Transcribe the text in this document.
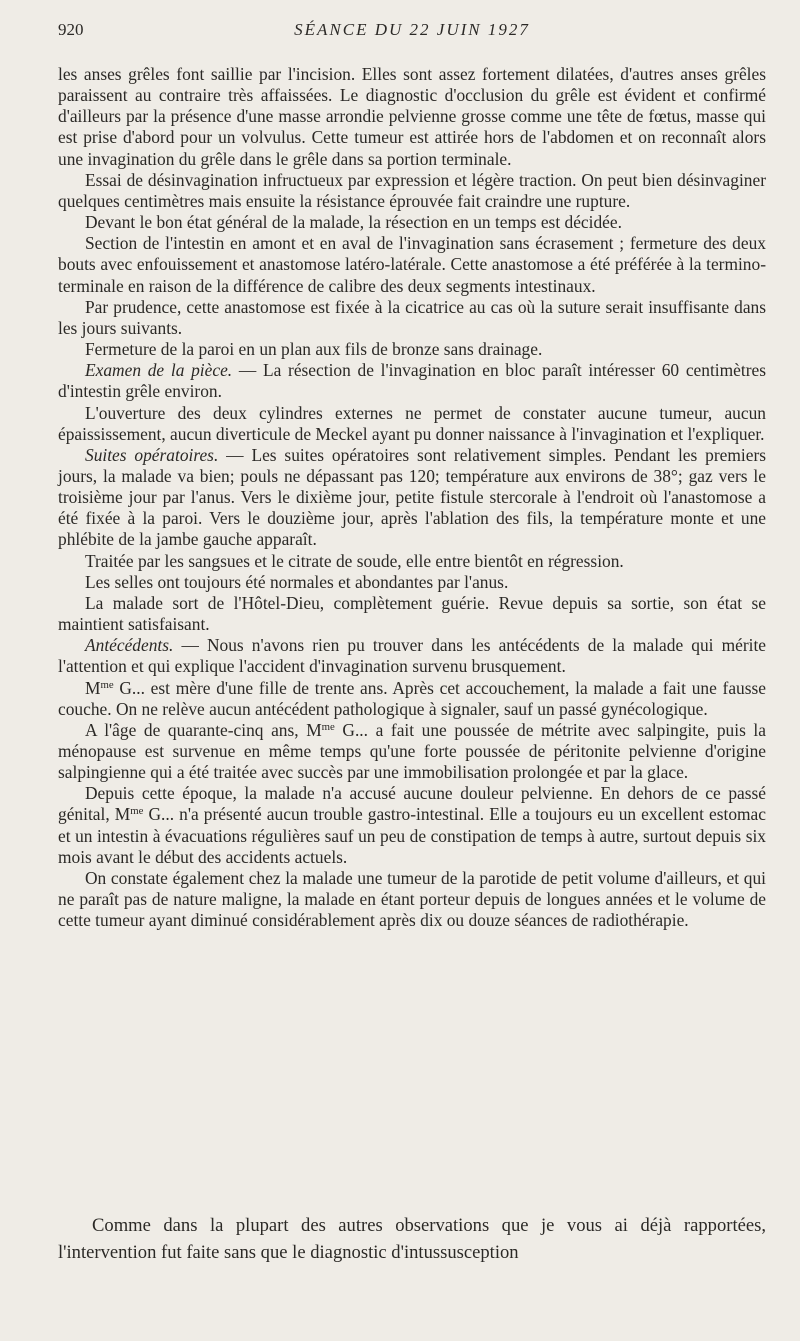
920	SÉANCE DU 22 JUIN 1927

les anses grêles font saillie par l'incision. Elles sont assez fortement dilatées, d'autres anses grêles paraissent au contraire très affaissées. Le diagnostic d'occlusion du grêle est évident et confirmé d'ailleurs par la présence d'une masse arrondie pelvienne grosse comme une tête de fœtus, masse qui est prise d'abord pour un volvulus. Cette tumeur est attirée hors de l'abdomen et on reconnaît alors une invagination du grêle dans le grêle dans sa portion terminale.

Essai de désinvagination infructueux par expression et légère traction. On peut bien désinvaginer quelques centimètres mais ensuite la résistance éprouvée fait craindre une rupture.

Devant le bon état général de la malade, la résection en un temps est décidée.

Section de l'intestin en amont et en aval de l'invagination sans écrasement ; fermeture des deux bouts avec enfouissement et anastomose latéro-latérale. Cette anastomose a été préférée à la termino-terminale en raison de la différence de calibre des deux segments intestinaux.

Par prudence, cette anastomose est fixée à la cicatrice au cas où la suture serait insuffisante dans les jours suivants.

Fermeture de la paroi en un plan aux fils de bronze sans drainage.

Examen de la pièce. — La résection de l'invagination en bloc paraît intéresser 60 centimètres d'intestin grêle environ.

L'ouverture des deux cylindres externes ne permet de constater aucune tumeur, aucun épaississement, aucun diverticule de Meckel ayant pu donner naissance à l'invagination et l'expliquer.

Suites opératoires. — Les suites opératoires sont relativement simples. Pendant les premiers jours, la malade va bien; pouls ne dépassant pas 120; température aux environs de 38°; gaz vers le troisième jour par l'anus. Vers le dixième jour, petite fistule stercorale à l'endroit où l'anastomose a été fixée à la paroi. Vers le douzième jour, après l'ablation des fils, la température monte et une phlébite de la jambe gauche apparaît.

Traitée par les sangsues et le citrate de soude, elle entre bientôt en régression.

Les selles ont toujours été normales et abondantes par l'anus.

La malade sort de l'Hôtel-Dieu, complètement guérie. Revue depuis sa sortie, son état se maintient satisfaisant.

Antécédents. — Nous n'avons rien pu trouver dans les antécédents de la malade qui mérite l'attention et qui explique l'accident d'invagination survenu brusquement.

$M^{me}$ G... est mère d'une fille de trente ans. Après cet accouchement, la malade a fait une fausse couche. On ne relève aucun antécédent pathologique à signaler, sauf un passé gynécologique.

A l'âge de quarante-cinq ans, $M^{me}$ G... a fait une poussée de métrite avec salpingite, puis la ménopause est survenue en même temps qu'une forte poussée de péritonite pelvienne d'origine salpingienne qui a été traitée avec succès par une immobilisation prolongée et par la glace.

Depuis cette époque, la malade n'a accusé aucune douleur pelvienne. En dehors de ce passé génital, $M^{me}$ G... n'a présenté aucun trouble gastro-intestinal. Elle a toujours eu un excellent estomac et un intestin à évacuations régulières sauf un peu de constipation de temps à autre, surtout depuis six mois avant le début des accidents actuels.

On constate également chez la malade une tumeur de la parotide de petit volume d'ailleurs, et qui ne paraît pas de nature maligne, la malade en étant porteur depuis de longues années et le volume de cette tumeur ayant diminué considérablement après dix ou douze séances de radiothérapie.

Comme dans la plupart des autres observations que je vous ai déjà rapportées, l'intervention fut faite sans que le diagnostic d'intussusception
